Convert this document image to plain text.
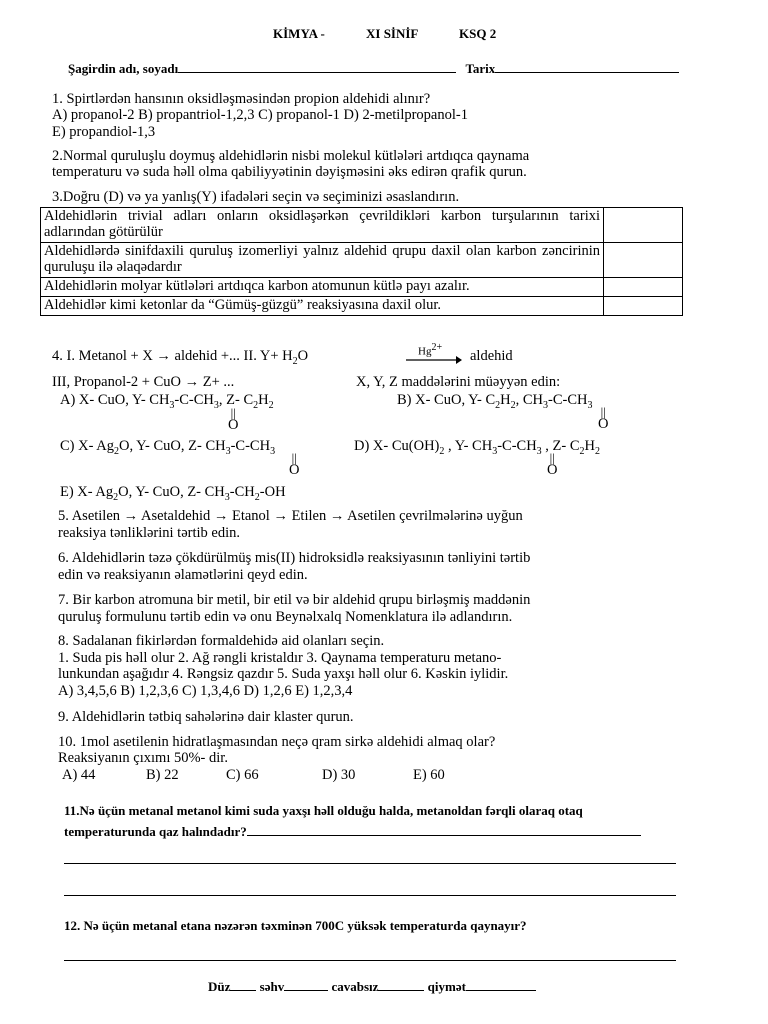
KİMYA -	XI SİNİF	KSQ 2
Şagirdin adı, soyadı	Tarix
1. Spirtlərdən hansının oksidləşməsindən propion aldehidi alınır?
A) propanol-2 B) propantriol-1,2,3 C) propanol-1 D) 2-metilpropanol-1
E) propandiol-1,3
2.Normal quruluşlu doymuş aldehidlərin nisbi molekul kütlələri artdıqca qaynama
temperaturu və suda həll olma qabiliyyətinin dəyişməsini əks edirən qrafik qurun.
3.Doğru (D) və ya yanlış(Y) ifadələri seçin və seçiminizi əsaslandırın.
Aldehidlərin trivial adları onların oksidləşərkən çevrildikləri karbon turşularının tarixi adlarından götürülür	
Aldehidlərdə sinifdaxili quruluş izomerliyi yalnız aldehid qrupu daxil olan karbon zəncirinin quruluşu ilə əlaqədardır	
Aldehidlərin molyar kütlələri artdıqca karbon atomunun kütlə payı azalır.	
Aldehidlər kimi ketonlar da “Gümüş-güzgü” reaksiyasına daxil olur.	
4. I. Metanol + X → aldehid +... II. $Y+ H_2O$	$Hg^{2+}$
→ aldehid
III, Propanol-2 + CuO → Z+ ...	X, Y, Z maddələrini müəyyən edin:
A) X- CuO, Y- $CH_3-C-CH_3$, Z- $C_2H_2$
||
O
B) X- CuO, Y- $C_2H_2$, $CH_3-C-CH_3$ ||
O
C) X- $Ag_2O$, Y- CuO, Z- $CH_3-C-CH_3$ ||
O
D) X- $Cu(OH)_2$ , Y- $CH_3-C-CH_3$ , Z- $C_2H_2$
||
O
E) X- $Ag_2O$, Y- CuO, Z- $CH_3-CH_2-OH$
5. Asetilen → Asetaldehid → Etanol → Etilen → Asetilen çevrilmələrinə uyğun
reaksiya tənliklərini tərtib edin.
6. Aldehidlərin təzə çökdürülmüş mis(II) hidroksidlə reaksiyasının tənliyini tərtib
edin və reaksiyanın əlamətlərini qeyd edin.
7. Bir karbon atromuna bir metil, bir etil və bir aldehid qrupu birləşmiş maddənin
quruluş formulunu tərtib edin və onu Beynəlxalq Nomenklatura ilə adlandırın.
8. Sadalanan fikirlərdən formaldehidə aid olanları seçin.
1. Suda pis həll olur 2. Ağ rəngli kristaldır 3. Qaynama temperaturu metano-
lunkundan aşağıdır 4. Rəngsiz qazdır 5. Suda yaxşı həll olur 6. Kəskin iylidir.
A) 3,4,5,6 B) 1,2,3,6 C) 1,3,4,6 D) 1,2,6 E) 1,2,3,4
9. Aldehidlərin tətbiq sahələrinə dair klaster qurun.
10. 1mol asetilenin hidratlaşmasından neçə qram sirkə aldehidi almaq olar?
Reaksiyanın çıxımı 50%- dir.
A) 44	B) 22	C) 66	D) 30	E) 60
11.Nə üçün metanal metanol kimi suda yaxşı həll olduğu halda, metanoldan fərqli olaraq otaq
temperaturunda qaz halındadır?
12. Nə üçün metanal etana nəzərən təxminən 700C yüksək temperaturda qaynayır?
Düz səhv	cavabsız	qiymət
